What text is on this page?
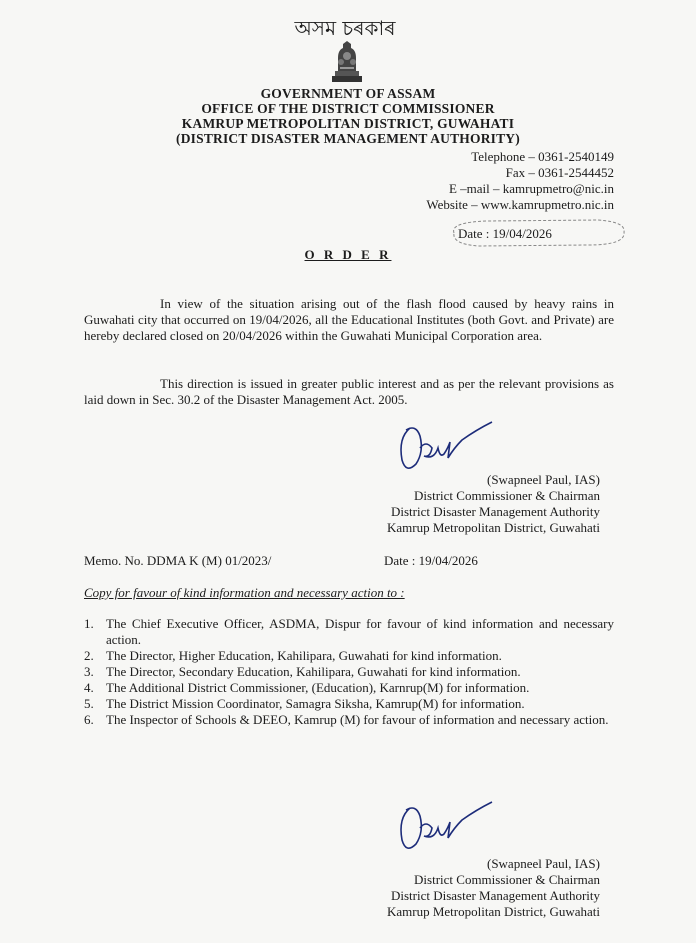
অসম চৰকাৰ
GOVERNMENT OF ASSAM
OFFICE OF THE DISTRICT COMMISSIONER
KAMRUP METROPOLITAN DISTRICT, GUWAHATI
(DISTRICT DISASTER MANAGEMENT AUTHORITY)
Telephone – 0361-2540149
Fax – 0361-2544452
E –mail – kamrupmetro@nic.in
Website – www.kamrupmetro.nic.in
Date : 19/04/2026
O R D E R
In view of the situation arising out of the flash flood caused by heavy rains in Guwahati city that occurred on 19/04/2026, all the Educational Institutes (both Govt. and Private) are hereby declared closed on 20/04/2026 within the Guwahati Municipal Corporation area.
This direction is issued in greater public interest and as per the relevant provisions as laid down in Sec. 30.2 of the Disaster Management Act. 2005.
(Swapneel Paul, IAS)
District Commissioner & Chairman
District Disaster Management Authority
Kamrup Metropolitan District, Guwahati
Memo. No. DDMA K (M) 01/2023/	Date : 19/04/2026
Copy for favour of kind information and necessary action to :
1. The Chief Executive Officer, ASDMA, Dispur for favour of kind information and necessary action.
2. The Director, Higher Education, Kahilipara, Guwahati for kind information.
3. The Director, Secondary Education, Kahilipara, Guwahati for kind information.
4. The Additional District Commissioner, (Education), Karnrup(M) for information.
5. The District Mission Coordinator, Samagra Siksha, Kamrup(M) for information.
6. The Inspector of Schools & DEEO, Kamrup (M) for favour of information and necessary action.
(Swapneel Paul, IAS)
District Commissioner & Chairman
District Disaster Management Authority
Kamrup Metropolitan District, Guwahati
